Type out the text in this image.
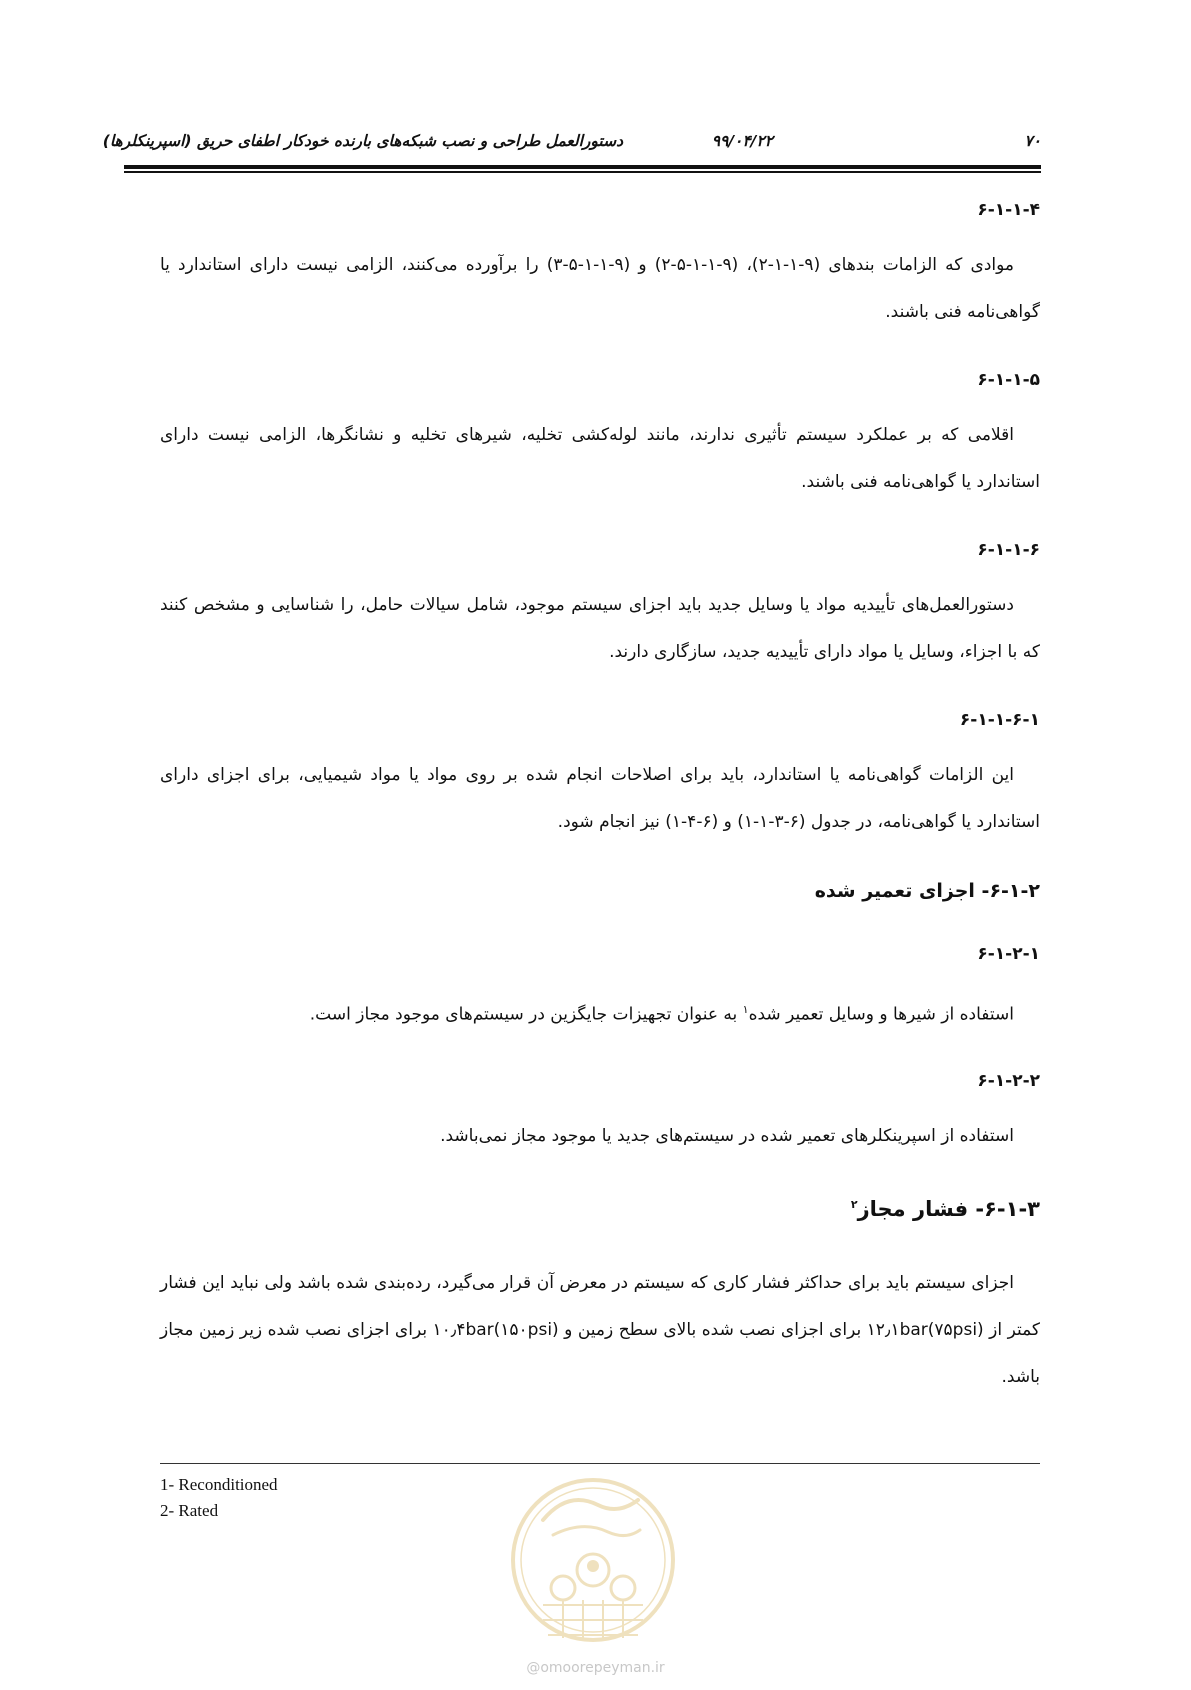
۷۰
۹۹/۰۴/۲۲
دستورالعمل طراحی و نصب شبکه‌های بارنده خودکار اطفای حریق (اسپرینکلرها)
۶-۱-۱-۴

موادی که الزامات بندهای (۹-۱-۱-۲)، (۹-۱-۱-۵-۲) و (۹-۱-۱-۵-۳) را برآورده می‌کنند، الزامی نیست دارای استاندارد یا گواهی‌نامه فنی باشند.

۶-۱-۱-۵

اقلامی که بر عملکرد سیستم تأثیری ندارند، مانند لوله‌کشی تخلیه، شیرهای تخلیه و نشانگرها، الزامی نیست دارای استاندارد یا گواهی‌نامه فنی باشند.

۶-۱-۱-۶

دستورالعمل‌های تأییدیه مواد یا وسایل جدید باید اجزای سیستم موجود، شامل سیالات حامل، را شناسایی و مشخص کنند که با اجزاء، وسایل یا مواد دارای تأییدیه جدید، سازگاری دارند.

۶-۱-۱-۶-۱

این الزامات گواهی‌نامه یا استاندارد، باید برای اصلاحات انجام شده بر روی مواد یا مواد شیمیایی، برای اجزای دارای استاندارد یا گواهی‌نامه، در جدول (۶-۳-۱-۱) و (۶-۴-۱) نیز انجام شود.

۶-۱-۲- اجزای تعمیر شده
۶-۱-۲-۱

استفاده از شیرها و وسایل تعمیر شده$^۱$ به عنوان تجهیزات جایگزین در سیستم‌های موجود مجاز است.

۶-۱-۲-۲

استفاده از اسپرینکلرهای تعمیر شده در سیستم‌های جدید یا موجود مجاز نمی‌باشد.

۶-۱-۳- فشار مجاز$^۲$

اجزای سیستم باید برای حداکثر فشار کاری که سیستم در معرض آن قرار می‌گیرد، رده‌بندی شده باشد ولی نباید این فشار کمتر از ۱۲٫۱bar(۷۵psi) برای اجزای نصب شده بالای سطح زمین و ۱۰٫۴bar(۱۵۰psi) برای اجزای نصب شده زیر زمین مجاز باشد.

1- Reconditioned
2- Rated
@omoorepeyman.ir
